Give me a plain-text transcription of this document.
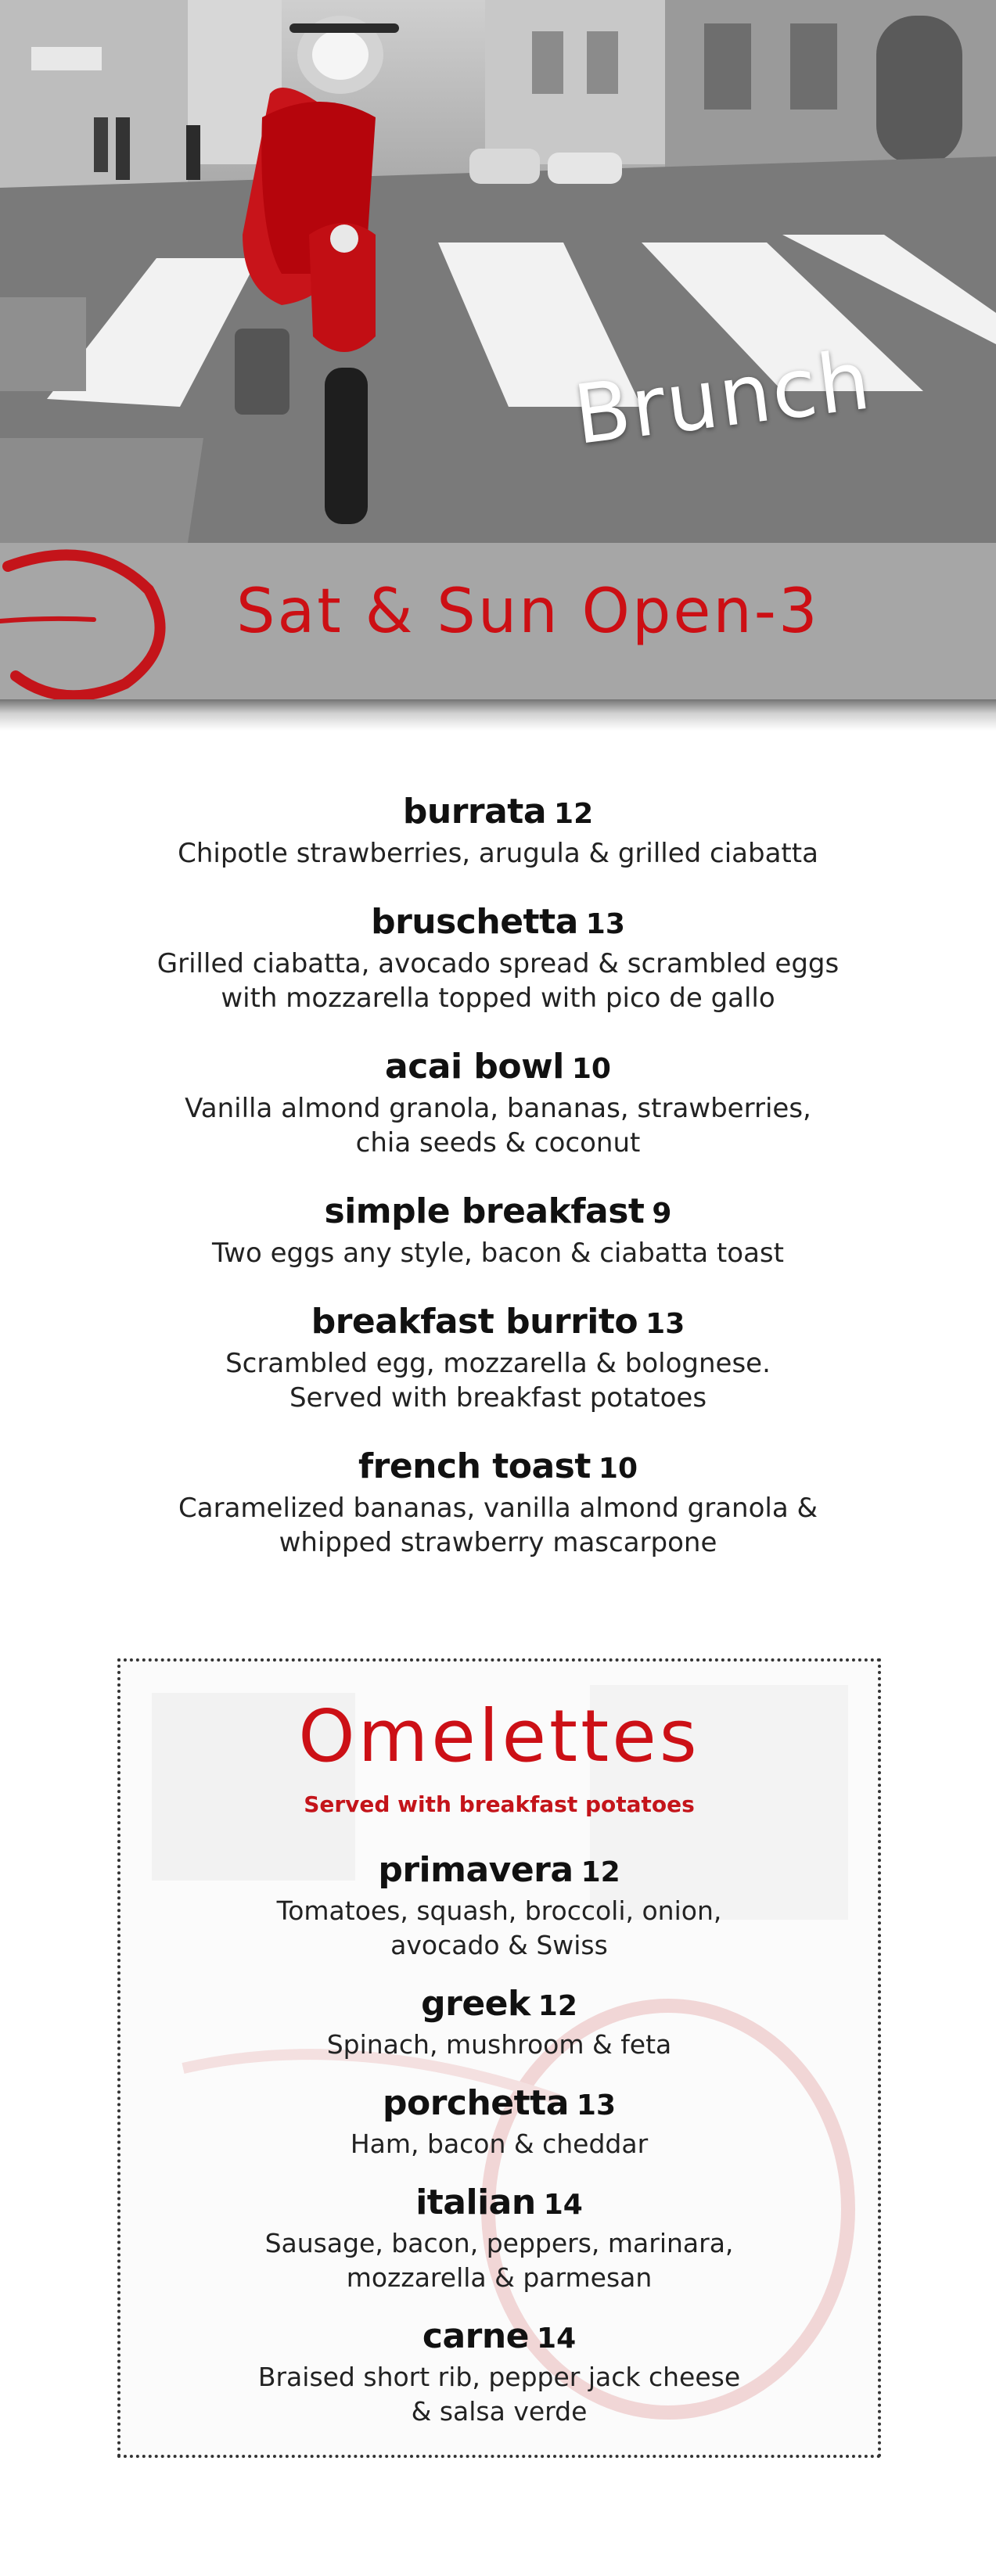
Brunch
Sat & Sun Open-3
burrata 12
Chipotle strawberries, arugula & grilled ciabatta
bruschetta 13
Grilled ciabatta, avocado spread & scrambled eggs
with mozzarella topped with pico de gallo
acai bowl 10
Vanilla almond granola, bananas, strawberries,
chia seeds & coconut
simple breakfast 9
Two eggs any style, bacon & ciabatta toast
breakfast burrito 13
Scrambled egg, mozzarella & bolognese.
Served with breakfast potatoes
french toast 10
Caramelized bananas, vanilla almond granola &
whipped strawberry mascarpone
Omelettes
Served with breakfast potatoes
primavera 12
Tomatoes, squash, broccoli, onion,
avocado & Swiss
greek 12
Spinach, mushroom & feta
porchetta 13
Ham, bacon & cheddar
italian 14
Sausage, bacon, peppers, marinara,
mozzarella & parmesan
carne 14
Braised short rib, pepper jack cheese
& salsa verde
